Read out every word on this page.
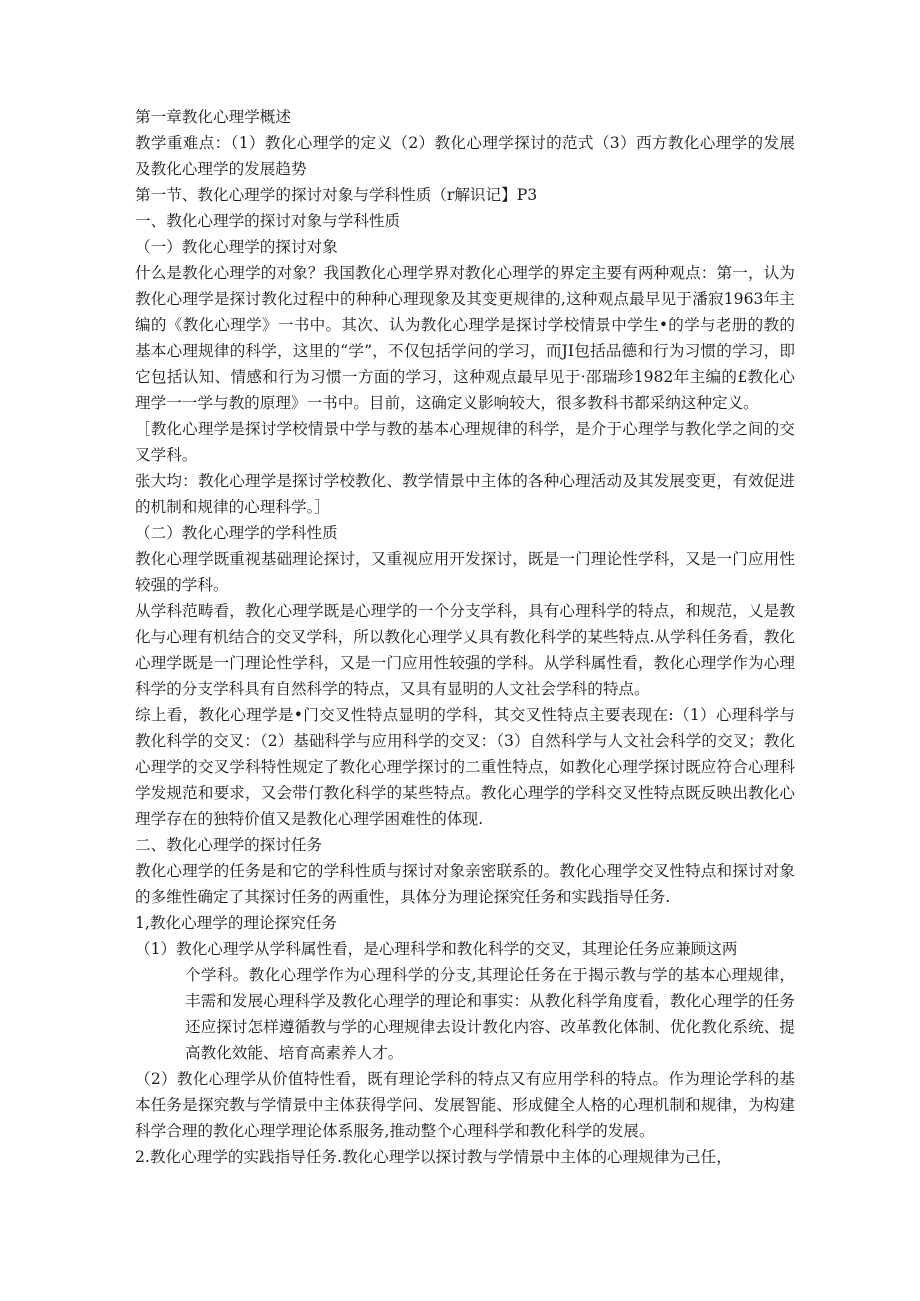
第一章教化心理学概述

教学重难点：（1）教化心理学的定义（2）教化心理学探讨的范式（3）西方教化心理学的发展及教化心理学的发展趋势

第一节、教化心理学的探讨对象与学科性质（r解识记】P3

一、教化心理学的探讨对象与学科性质

（一）教化心理学的探讨对象

什么是教化心理学的对象？我国教化心理学界对教化心理学的界定主要有两种观点：第一，认为教化心理学是探讨教化过程中的种种心理现象及其变更规律的,这种观点最早见于潘寂1963年主编的《教化心理学》一书中。其次、认为教化心理学是探讨学校情景中学生•的学与老册的教的基本心理规律的科学，这里的“学”，不仅包括学问的学习，而JI包括品德和行为习惯的学习，即它包括认知、情感和行为习惯一方面的学习，这种观点最早见于·邵瑞珍1982年主编的£教化心理学一一学与教的原理》一书中。目前，这确定义影响较大，很多教科书都采纳这种定义。

［教化心理学是探讨学校情景中学与教的基本心理规律的科学，是介于心理学与教化学之间的交叉学科。

张大均：教化心理学是探讨学校教化、教学情景中主体的各种心理活动及其发展变更，有效促进的机制和规律的心理科学。］

（二）教化心理学的学科性质

教化心理学既重视基础理论探讨，又重视应用开发探讨，既是一门理论性学科，又是一门应用性较强的学科。

从学科范畴看，教化心理学既是心理学的一个分支学科，具有心理科学的特点，和规范，乂是教化与心理有机结合的交叉学科，所以教化心理学乂具有教化科学的某些特点.从学科任务看，教化心理学既是一门理论性学科，又是一门应用性较强的学科。从学科属性看，教化心理学作为心理科学的分支学科具有自然科学的特点，又具有显明的人文社会学科的特点。

综上看，教化心理学是•门交叉性特点显明的学科，其交叉性特点主要表现在:（1）心理科学与教化科学的交叉：（2）基础科学与应用科学的交叉：（3）自然科学与人文社会科学的交叉；教化心理学的交叉学科特性规定了教化心理学探讨的二重性特点，如教化心理学探讨既应符合心理科学发规范和要求，又会带仃教化科学的某些特点。教化心理学的学科交叉性特点既反映出教化心理学存在的独特价值又是教化心理学困难性的体现.

二、教化心理学的探讨任务

教化心理学的任务是和它的学科性质与探讨对象亲密联系的。教化心理学交叉性特点和探讨对象的多维性确定了其探讨任务的两重性，具体分为理论探究任务和实践指导任务.

1,教化心理学的理论探究任务

（1）教化心理学从学科属性看，是心理科学和教化科学的交叉，其理论任务应兼顾这两

个学科。教化心理学作为心理科学的分支,其理论任务在于揭示教与学的基本心理规律，丰需和发展心理科学及教化心理学的理论和事实：从教化科学角度看，教化心理学的任务还应探讨怎样遵循教与学的心理规律去设计教化内容、改革教化体制、优化教化系统、提高教化效能、培育高素养人才。

（2）教化心理学从价值特性看，既有理论学科的特点又有应用学科的特点。作为理论学科的基本任务是探究教与学情景中主体获得学问、发展智能、形成健全人格的心理机制和规律，为构建科学合理的教化心理学理论体系服务,推动整个心理科学和教化科学的发展。

2.教化心理学的实践指导任务.教化心理学以探讨教与学情景中主体的心理规律为己任，
